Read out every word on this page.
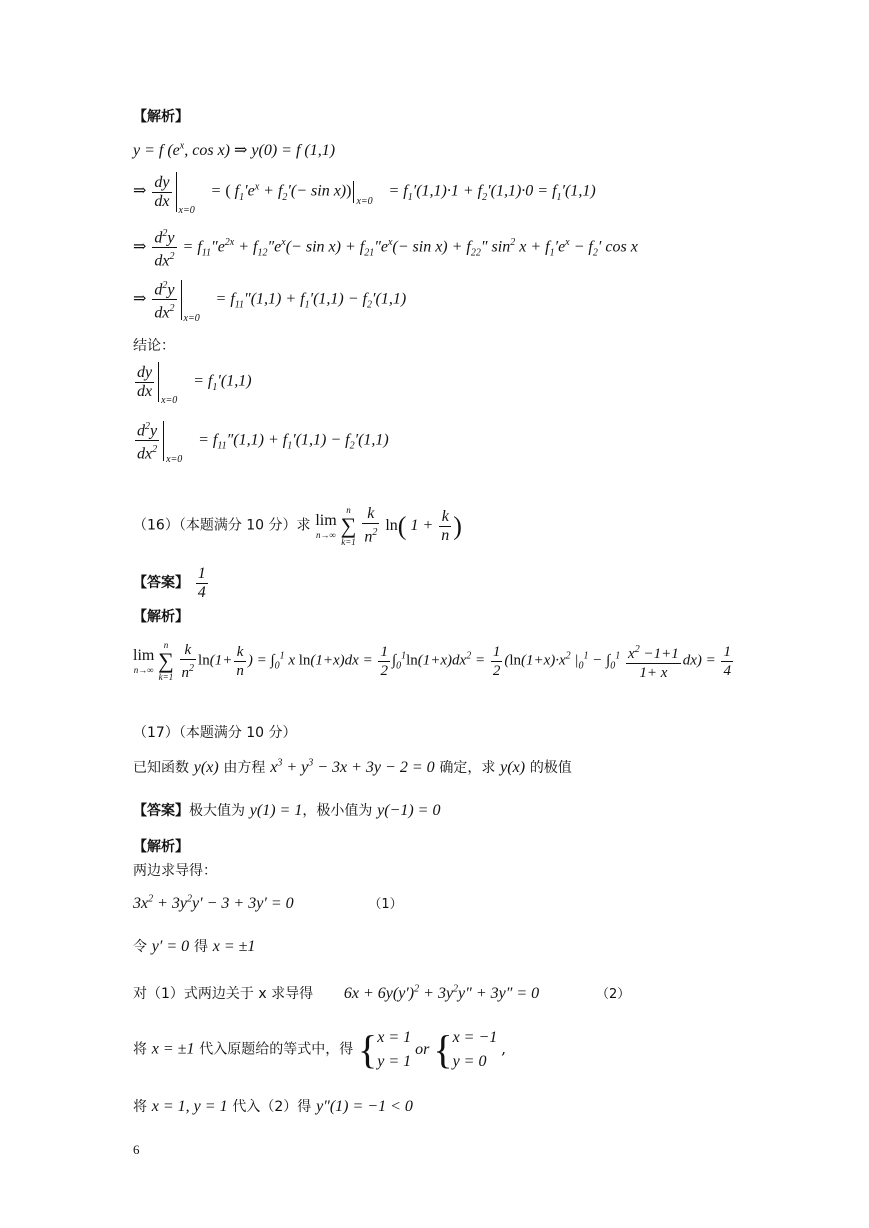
【解析】
y = f ($e^x$, cos x) ⇒ y(0) = f (1,1)
⇒ $\frac{dy}{dx} x=0$
= ( $f_1'e^x + f_2'(- \sin x)$)
x=0
= $f_1'(1,1)\cdot 1 + f_2'(1,1)\cdot 0 = f_1'(1,1)$
⇒ $\frac{d^2y}{dx^2} = f_{11}''e^{2x} + f_{12}''e^x(- \sin x) + f_{21}''e^x(- \sin x) + f_{22}''$ $\sin^2 x + f_1'e^x - f_2'$ cos x
⇒ $\frac{d^2y}{dx^2} x=0$
= $f_{11}''(1,1) + f_1'(1,1) - f_2'(1,1)$
结论：
$\frac{dy}{dx} x=0$
= $f_1'(1,1)$
$\frac{d^2y}{dx^2} x=0$
= $f_{11}''(1,1) + f_1'(1,1) - f_2'(1,1)$
（16）（本题满分 10 分）求 lim
n→∞ n
∑
$k=1 \frac{k}{n^2} \ln$( $1 + \frac{k}{n}$ )
【答案】 $\frac{1}{4}$
【解析】
lim
n→∞ n
∑
$k=1 \frac{k}{n^2} \ln(1+ \frac{k}{n}$ ) = $\int_0^1$ x $\ln(1+x)dx = \frac{1}{2} \int_0^1\ln(1+x)dx^2 = \frac{1}{2} (\ln(1+x)\cdot x^2$ $|_0^1 - \int_0^1 \frac{x^2 -1+1}{1+ x} dx) = \frac{1}{4}$
（17）（本题满分 10 分）
已知函数 y(x) 由方程 $x^3 + y^3 - 3x + 3y - 2 = 0$ 确定，求 y(x) 的极值
【答案】极大值为 y(1) = 1，极小值为 y(−1) = 0
【解析】
两边求导得：
$3x^2 + 3y^2y' - 3 + 3y' = 0$	（1）
令 y′ = 0 得 x = ±1
对（1）式两边关于 x 求导得 $6x + 6y(y')^2 + 3y^2y'' + 3y'' = 0$	（2）
将 x = ±1 代入原题给的等式中，得 {x = 1
y = 1 or {x = −1
y = 0 ,
将 x = 1, y = 1 代入（2）得 y″(1) = −1 < 0
6
